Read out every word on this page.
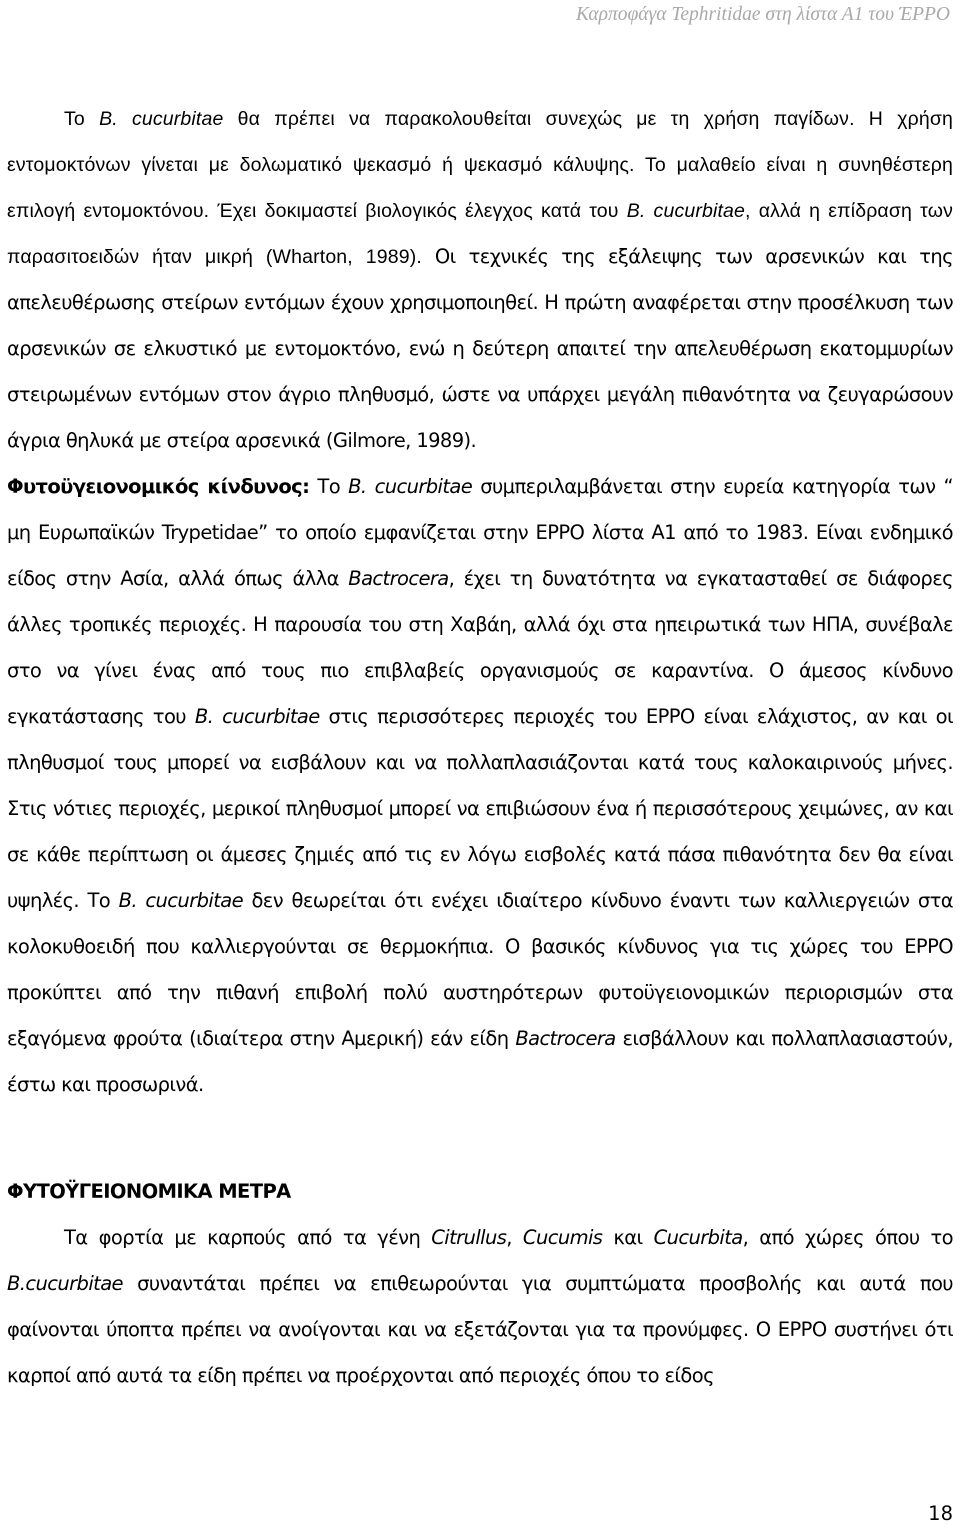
Καρποφάγα Tephritidae στη λίστα Α1 του ΈΡΡΟ

Το B. cucurbitae θα πρέπει να παρακολουθείται συνεχώς με τη χρήση παγίδων. Η χρήση εντομοκτόνων γίνεται με δολωματικό ψεκασμό ή ψεκασμό κάλυψης. Το μαλαθείο είναι η συνηθέστερη επιλογή εντομοκτόνου. Έχει δοκιμαστεί βιολογικός έλεγχος κατά του B. cucurbitae, αλλά η επίδραση των παρασιτοειδών ήταν μικρή (Wharton, 1989). Οι τεχνικές της εξάλειψης των αρσενικών και της απελευθέρωσης στείρων εντόμων έχουν χρησιμοποιηθεί. Η πρώτη αναφέρεται στην προσέλκυση των αρσενικών σε ελκυστικό με εντομοκτόνο, ενώ η δεύτερη απαιτεί την απελευθέρωση εκατομμυρίων στειρωμένων εντόμων στον άγριο πληθυσμό, ώστε να υπάρχει μεγάλη πιθανότητα να ζευγαρώσουν άγρια θηλυκά με στείρα αρσενικά (Gilmore, 1989).

Φυτοϋγειονομικός κίνδυνος: Το B. cucurbitae συμπεριλαμβάνεται στην ευρεία κατηγορία των “ μη Ευρωπαϊκών Trypetidae” το οποίο εμφανίζεται στην ΕΡΡΟ λίστα Α1 από το 1983. Είναι ενδημικό είδος στην Ασία, αλλά όπως άλλα Bactrocera, έχει τη δυνατότητα να εγκατασταθεί σε διάφορες άλλες τροπικές περιοχές. Η παρουσία του στη Χαβάη, αλλά όχι στα ηπειρωτικά των ΗΠΑ, συνέβαλε στο να γίνει ένας από τους πιο επιβλαβείς οργανισμούς σε καραντίνα. Ο άμεσος κίνδυνο εγκατάστασης του B. cucurbitae στις περισσότερες περιοχές του ΕΡΡΟ είναι ελάχιστος, αν και οι πληθυσμοί τους μπορεί να εισβάλουν και να πολλαπλασιάζονται κατά τους καλοκαιρινούς μήνες. Στις νότιες περιοχές, μερικοί πληθυσμοί μπορεί να επιβιώσουν ένα ή περισσότερους χειμώνες, αν και σε κάθε περίπτωση οι άμεσες ζημιές από τις εν λόγω εισβολές κατά πάσα πιθανότητα δεν θα είναι υψηλές. Το B. cucurbitae δεν θεωρείται ότι ενέχει ιδιαίτερο κίνδυνο έναντι των καλλιεργειών στα κολοκυθοειδή που καλλιεργούνται σε θερμοκήπια. Ο βασικός κίνδυνος για τις χώρες του ΕΡΡΟ προκύπτει από την πιθανή επιβολή πολύ αυστηρότερων φυτοϋγειονομικών περιορισμών στα εξαγόμενα φρούτα (ιδιαίτερα στην Αμερική) εάν είδη Bactrocera εισβάλλουν και πολλαπλασιαστούν, έστω και προσωρινά.

ΦΥΤΟΫΓΕΙΟΝΟΜΙΚΑ ΜΕΤΡΑ

Τα φορτία με καρπούς από τα γένη Citrullus, Cucumis και Cucurbita, από χώρες όπου το B.cucurbitae συναντάται πρέπει να επιθεωρούνται για συμπτώματα προσβολής και αυτά που φαίνονται ύποπτα πρέπει να ανοίγονται και να εξετάζονται για τα προνύμφες. Ο ΕΡΡΟ συστήνει ότι καρποί από αυτά τα είδη πρέπει να προέρχονται από περιοχές όπου το είδος

18
